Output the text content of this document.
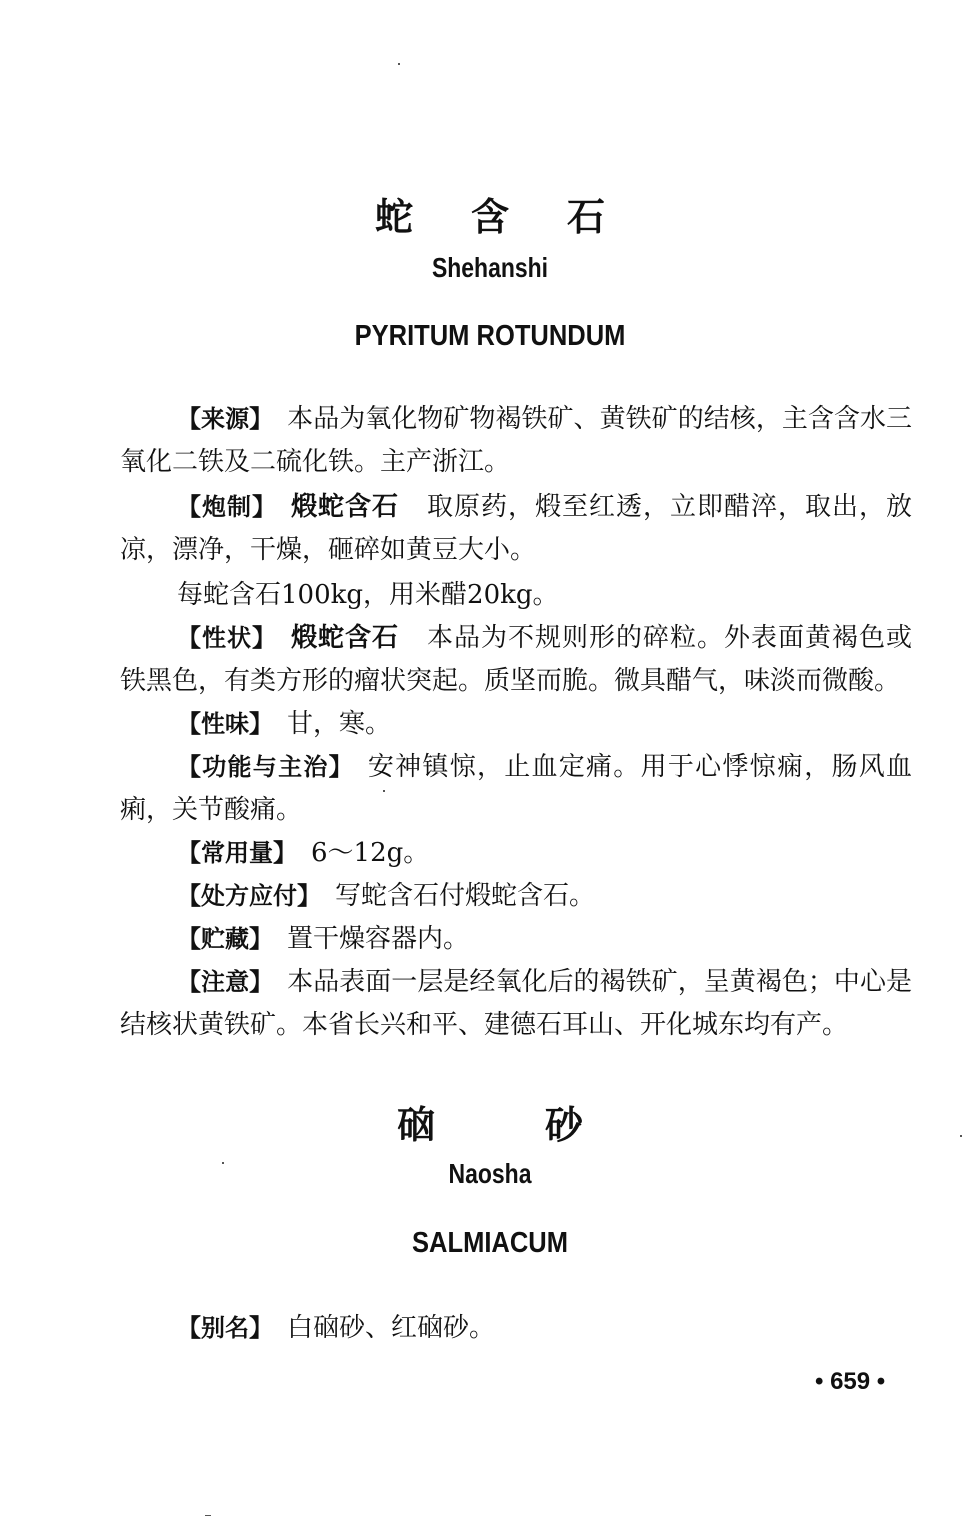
蛇含石
Shehanshi
PYRITUM ROTUNDUM
【来源】 本品为氧化物矿物褐铁矿、黄铁矿的结核，主含含水三氧化二铁及二硫化铁。主产浙江。
【炮制】 煅蛇含石 取原药，煅至红透，立即醋淬，取出，放凉，漂净，干燥，砸碎如黄豆大小。
每蛇含石100kg，用米醋20kg。
【性状】 煅蛇含石 本品为不规则形的碎粒。外表面黄褐色或铁黑色，有类方形的瘤状突起。质坚而脆。微具醋气，味淡而微酸。
【性味】 甘，寒。
【功能与主治】 安神镇惊，止血定痛。用于心悸惊痫，肠风血痢，关节酸痛。
【常用量】 6～12g。
【处方应付】 写蛇含石付煅蛇含石。
【贮藏】 置干燥容器内。
【注意】 本品表面一层是经氧化后的褐铁矿，呈黄褐色；中心是结核状黄铁矿。本省长兴和平、建德石耳山、开化城东均有产。
硇砂
Naosha
SALMIACUM
【别名】 白硇砂、红硇砂。
• 659 •
